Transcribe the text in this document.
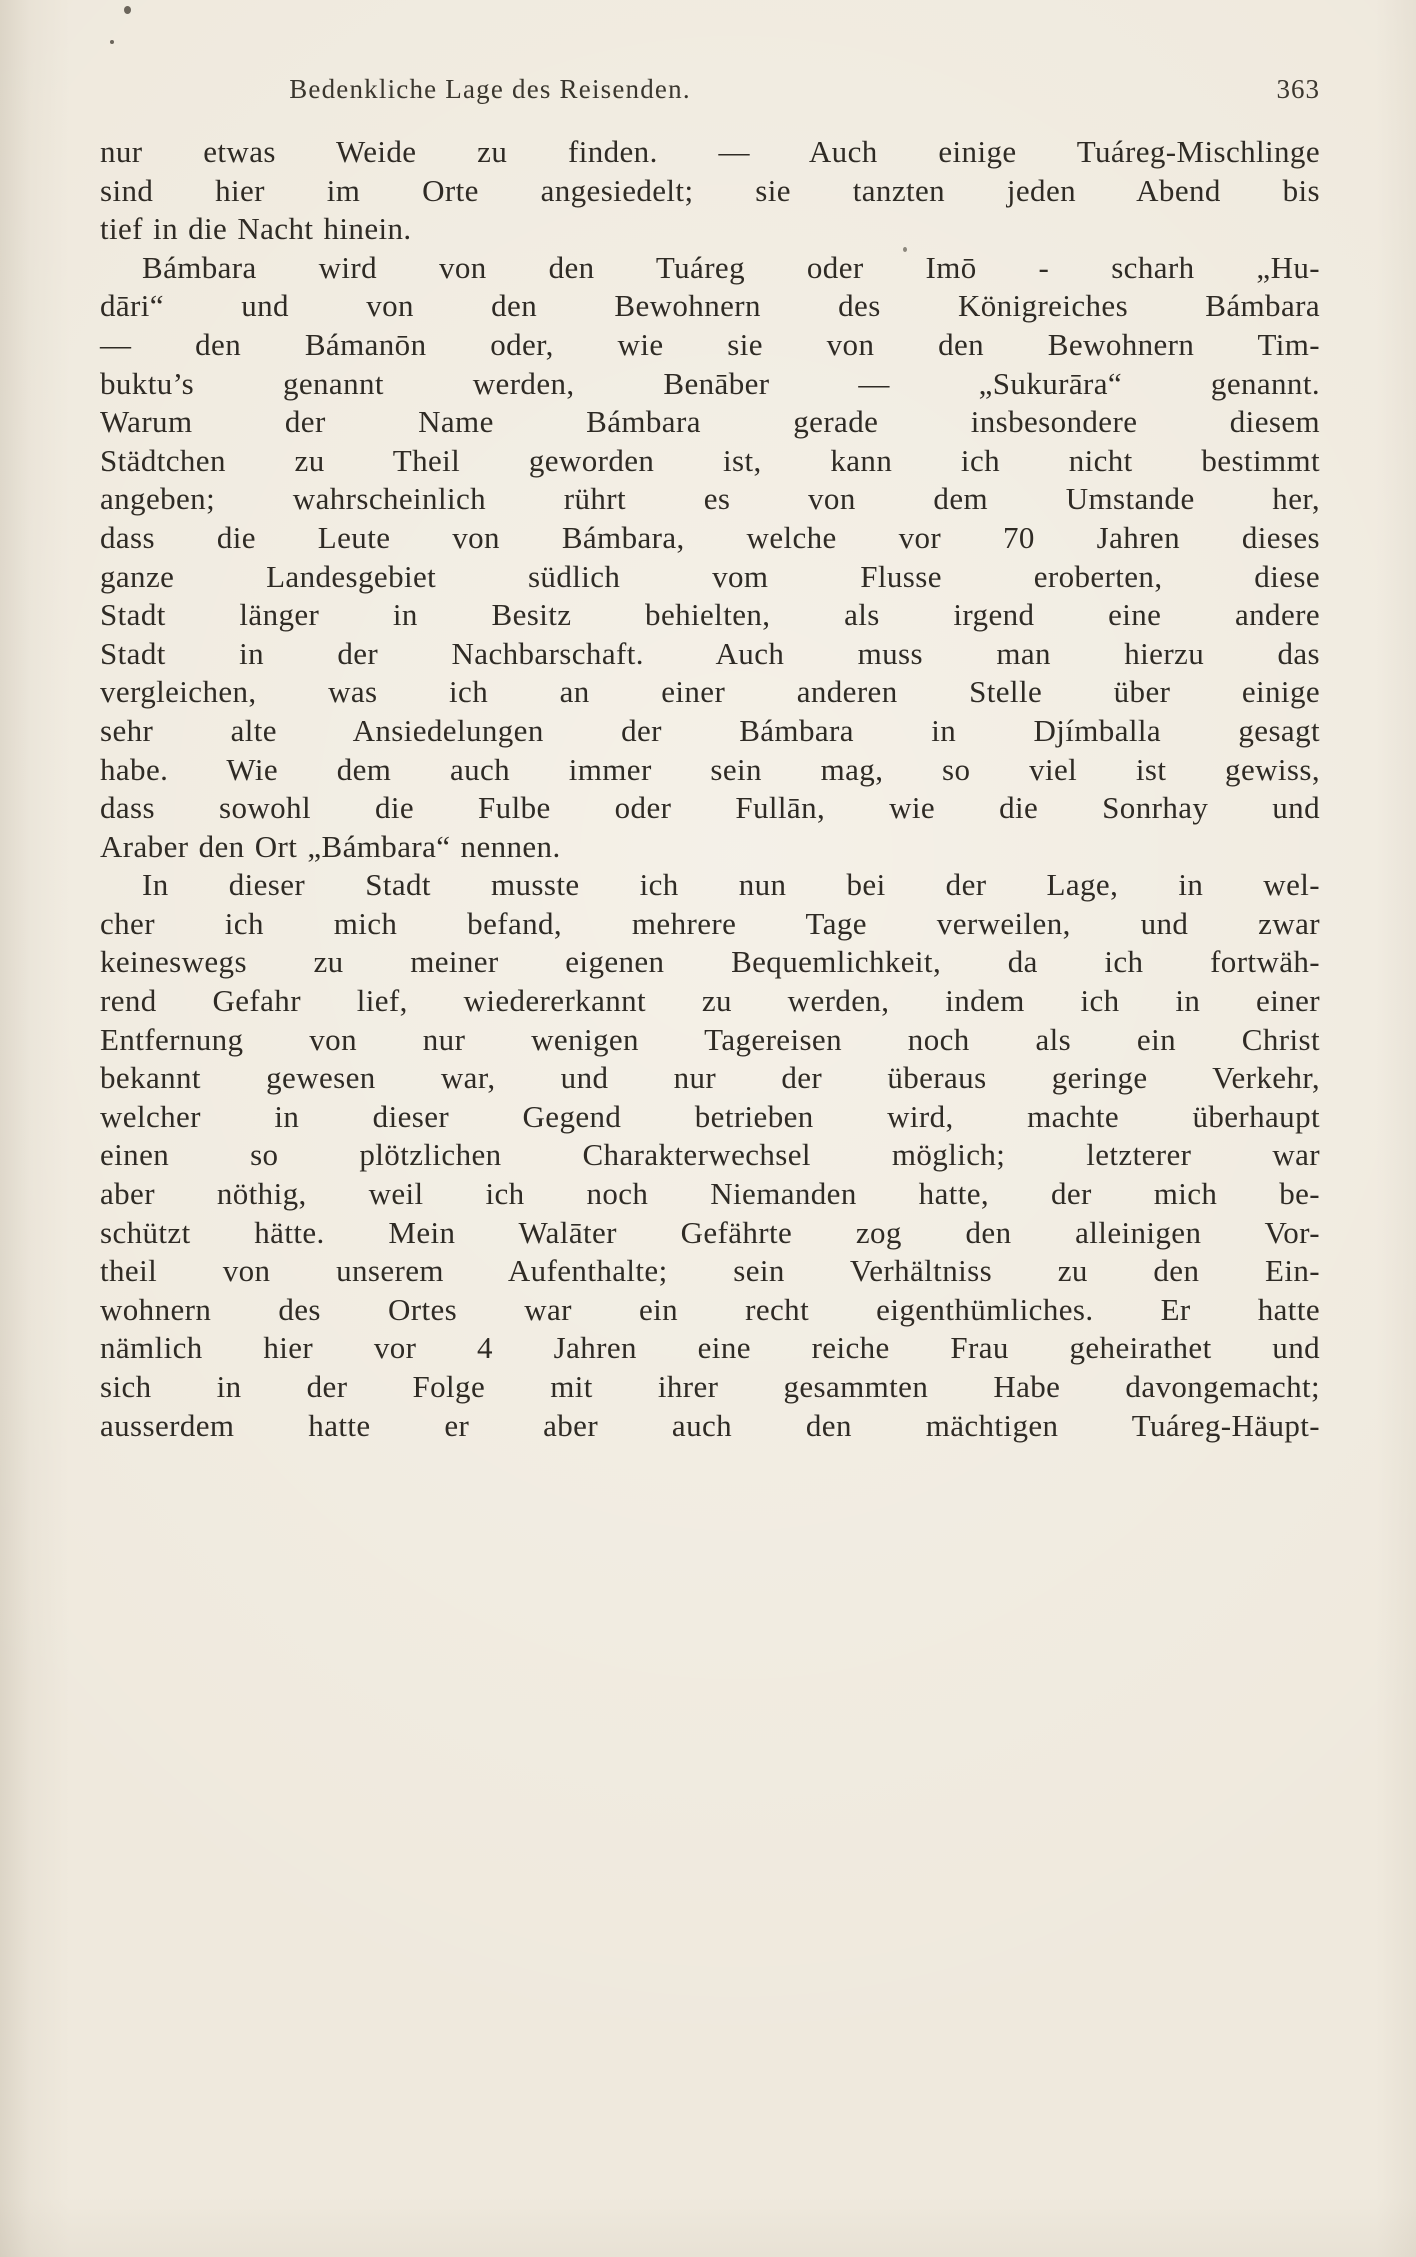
Bedenkliche Lage des Reisenden.	363
nur etwas Weide zu finden. — Auch einige Tuáreg-Mischlinge
sind hier im Orte angesiedelt; sie tanzten jeden Abend bis
tief in die Nacht hinein.
Bámbara wird von den Tuáreg oder Imō - scharh „Hu-
dāri“ und von den Bewohnern des Königreiches Bámbara
— den Bámanōn oder, wie sie von den Bewohnern Tim-
buktu’s genannt werden, Benāber — „Sukurāra“ genannt.
Warum der Name Bámbara gerade insbesondere diesem
Städtchen zu Theil geworden ist, kann ich nicht bestimmt
angeben; wahrscheinlich rührt es von dem Umstande her,
dass die Leute von Bámbara, welche vor 70 Jahren dieses
ganze Landesgebiet südlich vom Flusse eroberten, diese
Stadt länger in Besitz behielten, als irgend eine andere
Stadt in der Nachbarschaft. Auch muss man hierzu das
vergleichen, was ich an einer anderen Stelle über einige
sehr alte Ansiedelungen der Bámbara in Djímballa gesagt
habe. Wie dem auch immer sein mag, so viel ist gewiss,
dass sowohl die Fulbe oder Fullān, wie die Sonrhay und
Araber den Ort „Bámbara“ nennen.
In dieser Stadt musste ich nun bei der Lage, in wel-
cher ich mich befand, mehrere Tage verweilen, und zwar
keineswegs zu meiner eigenen Bequemlichkeit, da ich fortwäh-
rend Gefahr lief, wiedererkannt zu werden, indem ich in einer
Entfernung von nur wenigen Tagereisen noch als ein Christ
bekannt gewesen war, und nur der überaus geringe Verkehr,
welcher in dieser Gegend betrieben wird, machte überhaupt
einen so plötzlichen Charakterwechsel möglich; letzterer war
aber nöthig, weil ich noch Niemanden hatte, der mich be-
schützt hätte. Mein Walāter Gefährte zog den alleinigen Vor-
theil von unserem Aufenthalte; sein Verhältniss zu den Ein-
wohnern des Ortes war ein recht eigenthümliches. Er hatte
nämlich hier vor 4 Jahren eine reiche Frau geheirathet und
sich in der Folge mit ihrer gesammten Habe davongemacht;
ausserdem hatte er aber auch den mächtigen Tuáreg-Häupt-
